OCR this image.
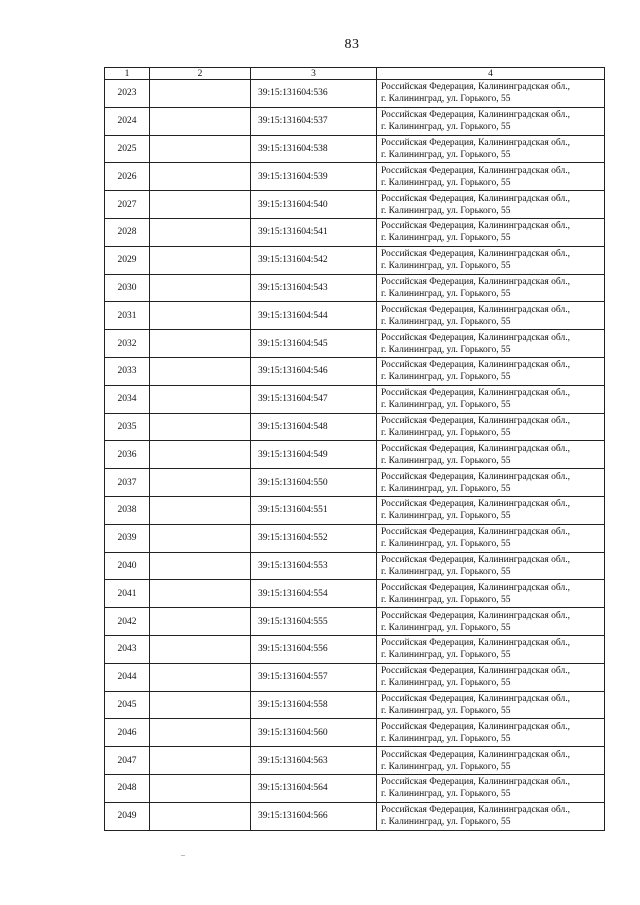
83
1	2	3	4
2023		39:15:131604:536	Российская Федерация, Калининградская обл.,
г. Калининград, ул. Горького, 55

2024		39:15:131604:537	Российская Федерация, Калининградская обл.,
г. Калининград, ул. Горького, 55

2025		39:15:131604:538	Российская Федерация, Калининградская обл.,
г. Калининград, ул. Горького, 55

2026		39:15:131604:539	Российская Федерация, Калининградская обл.,
г. Калининград, ул. Горького, 55

2027		39:15:131604:540	Российская Федерация, Калининградская обл.,
г. Калининград, ул. Горького, 55

2028		39:15:131604:541	Российская Федерация, Калининградская обл.,
г. Калининград, ул. Горького, 55

2029		39:15:131604:542	Российская Федерация, Калининградская обл.,
г. Калининград, ул. Горького, 55

2030		39:15:131604:543	Российская Федерация, Калининградская обл.,
г. Калининград, ул. Горького, 55

2031		39:15:131604:544	Российская Федерация, Калининградская обл.,
г. Калининград, ул. Горького, 55

2032		39:15:131604:545	Российская Федерация, Калининградская обл.,
г. Калининград, ул. Горького, 55

2033		39:15:131604:546	Российская Федерация, Калининградская обл.,
г. Калининград, ул. Горького, 55

2034		39:15:131604:547	Российская Федерация, Калининградская обл.,
г. Калининград, ул. Горького, 55

2035		39:15:131604:548	Российская Федерация, Калининградская обл.,
г. Калининград, ул. Горького, 55

2036		39:15:131604:549	Российская Федерация, Калининградская обл.,
г. Калининград, ул. Горького, 55

2037		39:15:131604:550	Российская Федерация, Калининградская обл.,
г. Калининград, ул. Горького, 55

2038		39:15:131604:551	Российская Федерация, Калининградская обл.,
г. Калининград, ул. Горького, 55

2039		39:15:131604:552	Российская Федерация, Калининградская обл.,
г. Калининград, ул. Горького, 55

2040		39:15:131604:553	Российская Федерация, Калининградская обл.,
г. Калининград, ул. Горького, 55

2041		39:15:131604:554	Российская Федерация, Калининградская обл.,
г. Калининград, ул. Горького, 55

2042		39:15:131604:555	Российская Федерация, Калининградская обл.,
г. Калининград, ул. Горького, 55

2043		39:15:131604:556	Российская Федерация, Калининградская обл.,
г. Калининград, ул. Горького, 55

2044		39:15:131604:557	Российская Федерация, Калининградская обл.,
г. Калининград, ул. Горького, 55

2045		39:15:131604:558	Российская Федерация, Калининградская обл.,
г. Калининград, ул. Горького, 55

2046		39:15:131604:560	Российская Федерация, Калининградская обл.,
г. Калининград, ул. Горького, 55

2047		39:15:131604:563	Российская Федерация, Калининградская обл.,
г. Калининград, ул. Горького, 55

2048		39:15:131604:564	Российская Федерация, Калининградская обл.,
г. Калининград, ул. Горького, 55

2049		39:15:131604:566	Российская Федерация, Калининградская обл.,
г. Калининград, ул. Горького, 55
